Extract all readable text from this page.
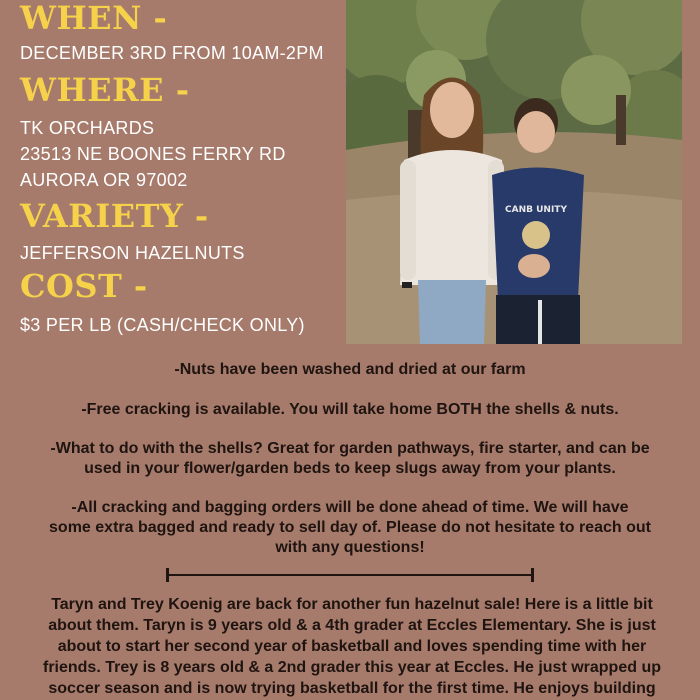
WHEN -
DECEMBER 3RD FROM 10AM-2PM
WHERE -
TK ORCHARDS
23513 NE BOONES FERRY RD
AURORA OR 97002
VARIETY -
JEFFERSON HAZELNUTS
COST -
$3 PER LB (CASH/CHECK ONLY)
CANB UNITY
-Nuts have been washed and dried at our farm
-Free cracking is available. You will take home BOTH the shells & nuts.
-What to do with the shells? Great for garden pathways, fire starter, and can be
used in your flower/garden beds to keep slugs away from your plants.
-All cracking and bagging orders will be done ahead of time. We will have
some extra bagged and ready to sell day of. Please do not hesitate to reach out
with any questions!
Taryn and Trey Koenig are back for another fun hazelnut sale! Here is a little bit
about them. Taryn is 9 years old & a 4th grader at Eccles Elementary. She is just
about to start her second year of basketball and loves spending time with her
friends. Trey is 8 years old & a 2nd grader this year at Eccles. He just wrapped up
soccer season and is now trying basketball for the first time. He enjoys building
